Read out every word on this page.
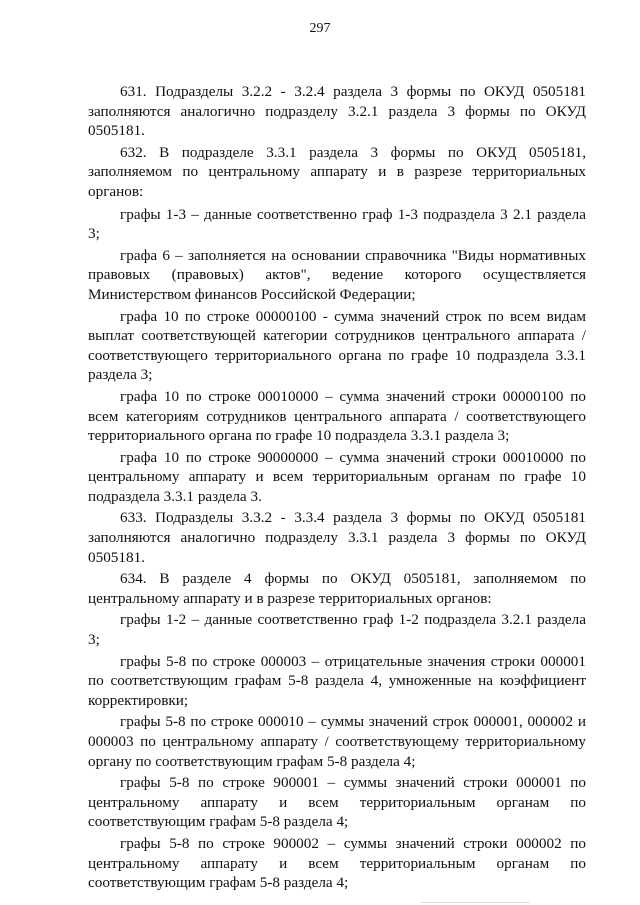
297

631. Подразделы 3.2.2 - 3.2.4 раздела 3 формы по ОКУД 0505181 заполняются аналогично подразделу 3.2.1 раздела 3 формы по ОКУД 0505181.

632. В подразделе 3.3.1 раздела 3 формы по ОКУД 0505181, заполняемом по центральному аппарату и в разрезе территориальных органов:

графы 1-3 – данные соответственно граф 1-3 подраздела 3 2.1 раздела 3;

графа 6 – заполняется на основании справочника "Виды нормативных правовых (правовых) актов", ведение которого осуществляется Министерством финансов Российской Федерации;

графа 10 по строке 00000100 - сумма значений строк по всем видам выплат соответствующей категории сотрудников центрального аппарата / соответствующего территориального органа по графе 10 подраздела 3.3.1 раздела 3;

графа 10 по строке 00010000 – сумма значений строки 00000100 по всем категориям сотрудников центрального аппарата / соответствующего территориального органа по графе 10 подраздела 3.3.1 раздела 3;

графа 10 по строке 90000000 – сумма значений строки 00010000 по центральному аппарату и всем территориальным органам по графе 10 подраздела 3.3.1 раздела 3.

633. Подразделы 3.3.2 - 3.3.4 раздела 3 формы по ОКУД 0505181 заполняются аналогично подразделу 3.3.1 раздела 3 формы по ОКУД 0505181.

634. В разделе 4 формы по ОКУД 0505181, заполняемом по центральному аппарату и в разрезе территориальных органов:

графы 1-2 – данные соответственно граф 1-2 подраздела 3.2.1 раздела 3;

графы 5-8 по строке 000003 – отрицательные значения строки 000001 по соответствующим графам 5-8 раздела 4, умноженные на коэффициент корректировки;

графы 5-8 по строке 000010 – суммы значений строк 000001, 000002 и 000003 по центральному аппарату / соответствующему территориальному органу по соответствующим графам 5-8 раздела 4;

графы 5-8 по строке 900001 – суммы значений строки 000001 по центральному аппарату и всем территориальным органам по соответствующим графам 5-8 раздела 4;

графы 5-8 по строке 900002 – суммы значений строки 000002 по центральному аппарату и всем территориальным органам по соответствующим графам 5-8 раздела 4;
